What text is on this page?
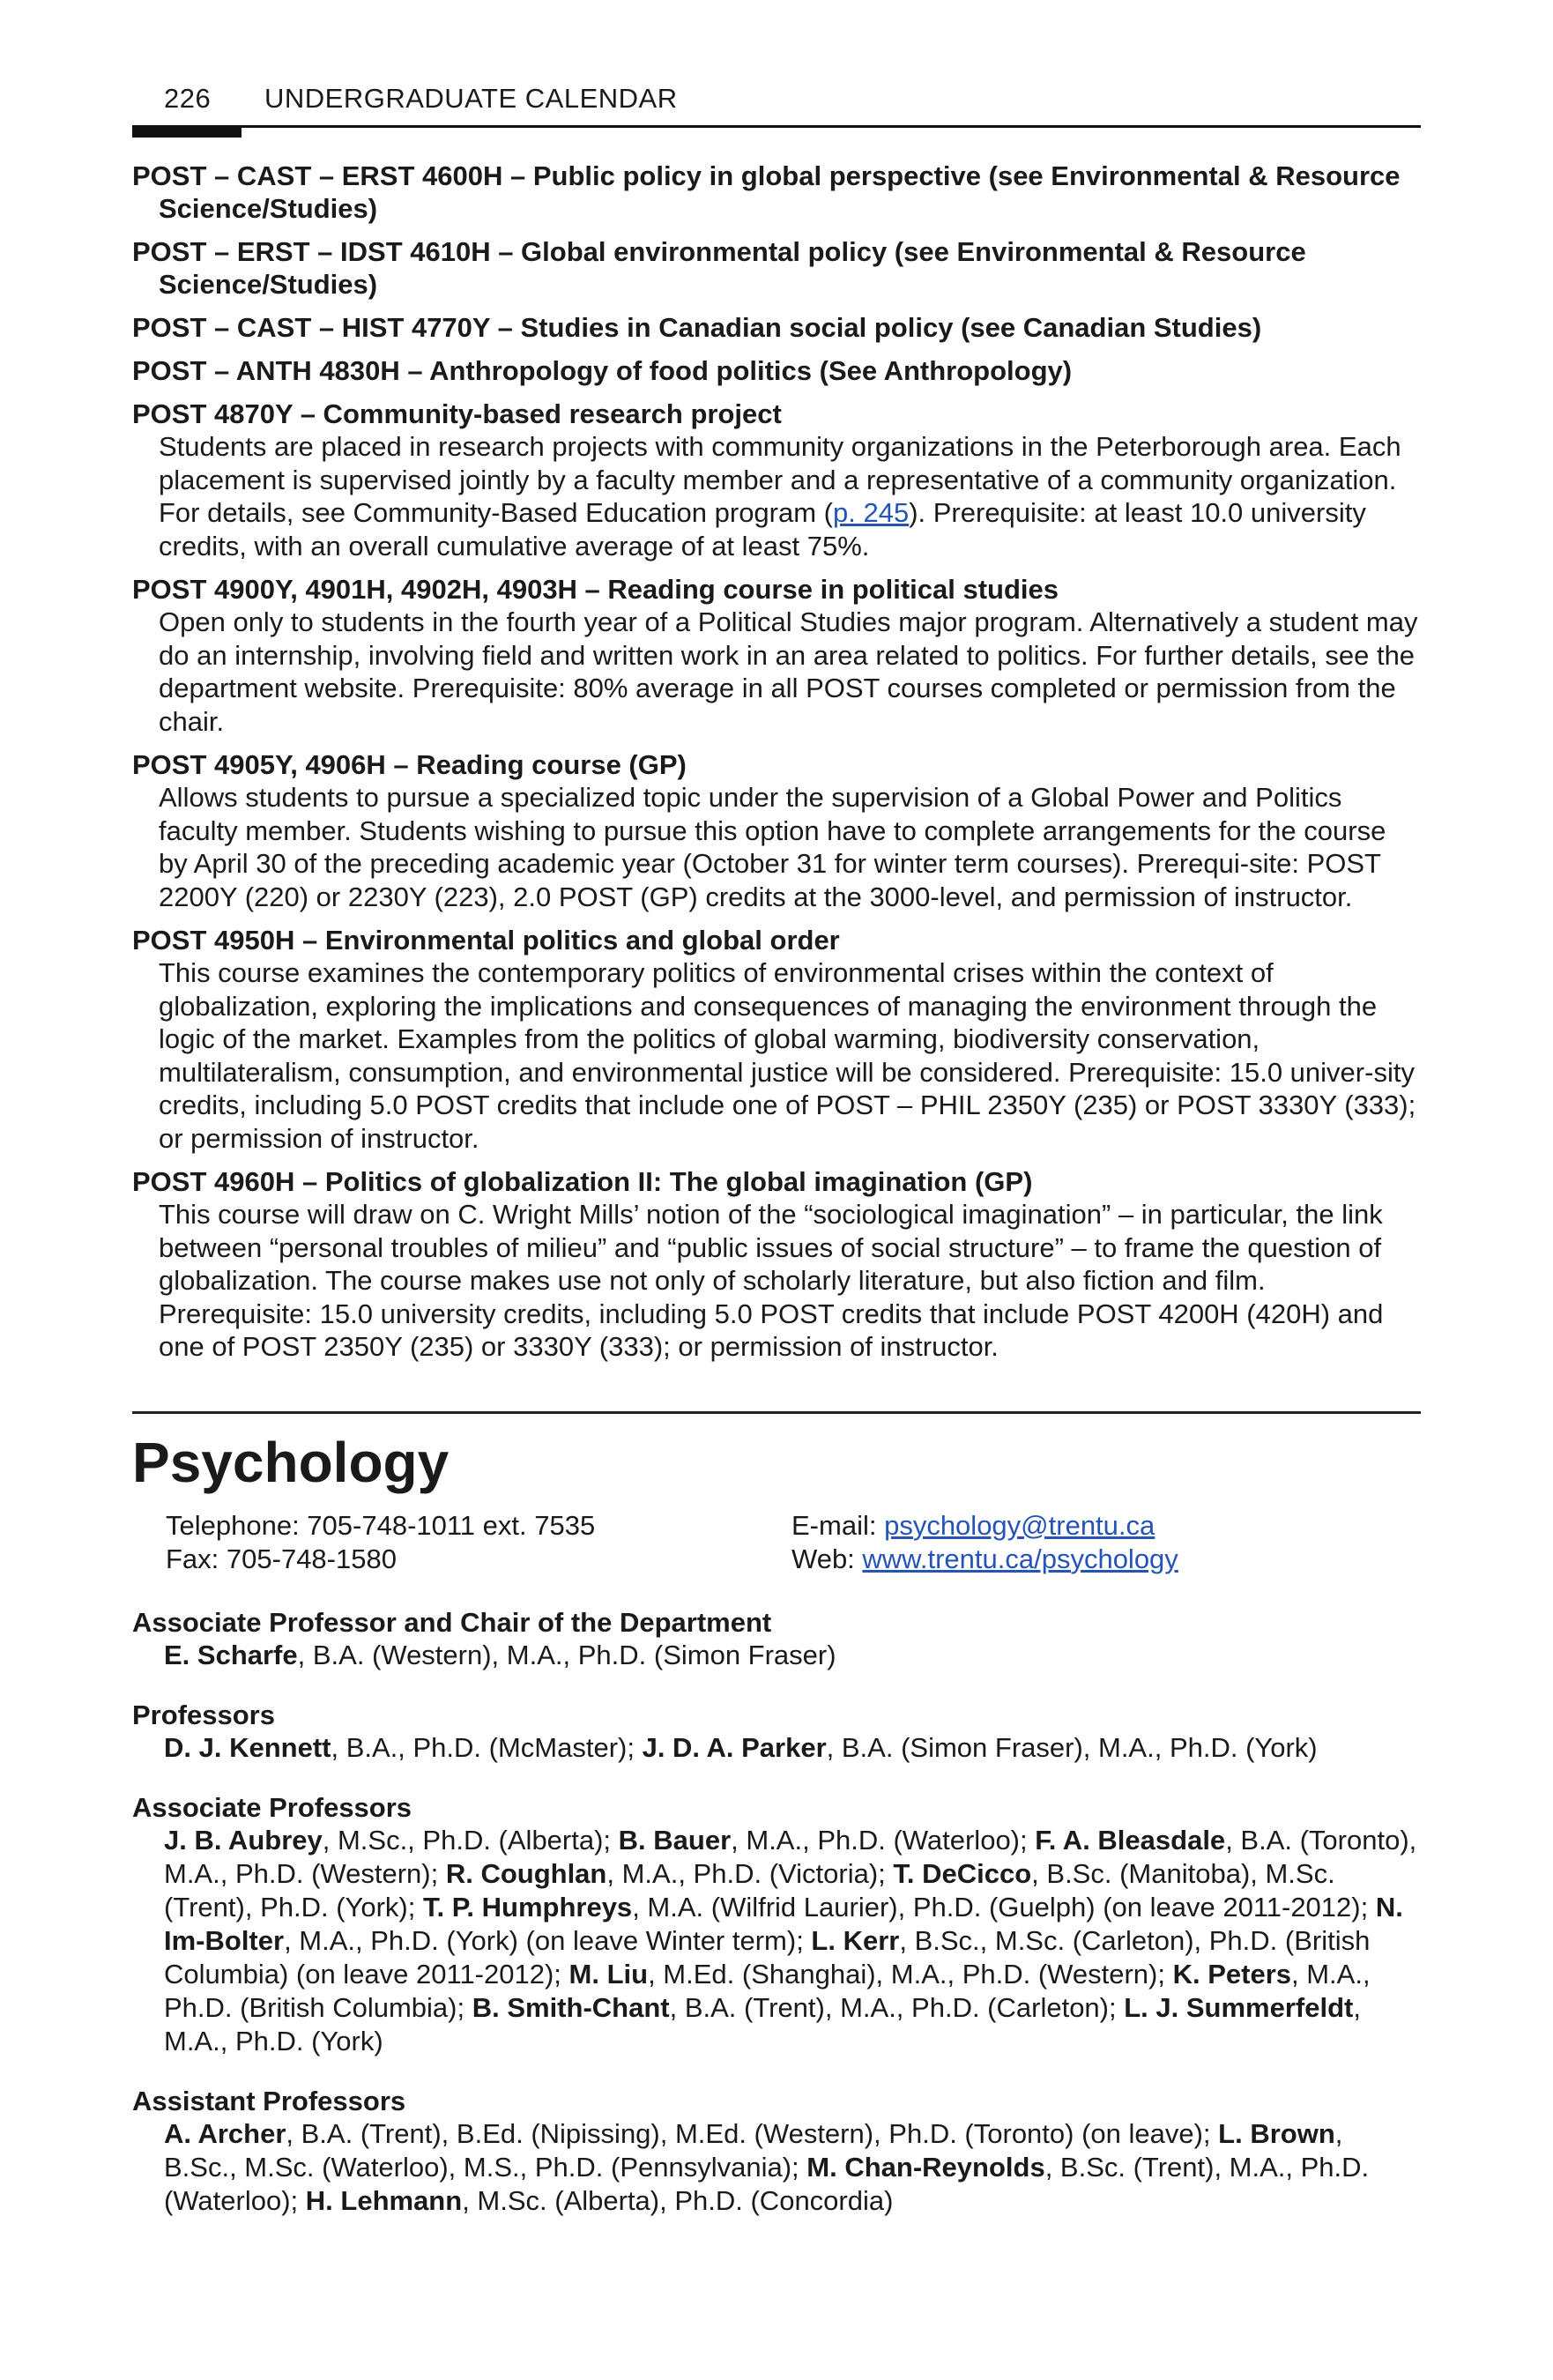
226 UNDERGRADUATE CALENDAR
POST – CAST – ERST 4600H – Public policy in global perspective (see Environmental & Resource Science/Studies)
POST – ERST – IDST 4610H – Global environmental policy (see Environmental & Resource Science/Studies)
POST – CAST – HIST 4770Y – Studies in Canadian social policy (see Canadian Studies)
POST – ANTH 4830H – Anthropology of food politics (See Anthropology)
POST 4870Y – Community-based research project
Students are placed in research projects with community organizations in the Peterborough area. Each placement is supervised jointly by a faculty member and a representative of a community organization. For details, see Community-Based Education program (p. 245). Prerequisite: at least 10.0 university credits, with an overall cumulative average of at least 75%.
POST 4900Y, 4901H, 4902H, 4903H – Reading course in political studies
Open only to students in the fourth year of a Political Studies major program. Alternatively a student may do an internship, involving field and written work in an area related to politics. For further details, see the department website. Prerequisite: 80% average in all POST courses completed or permission from the chair.
POST 4905Y, 4906H – Reading course (GP)
Allows students to pursue a specialized topic under the supervision of a Global Power and Politics faculty member. Students wishing to pursue this option have to complete arrangements for the course by April 30 of the preceding academic year (October 31 for winter term courses). Prerequi-site: POST 2200Y (220) or 2230Y (223), 2.0 POST (GP) credits at the 3000-level, and permission of instructor.
POST 4950H – Environmental politics and global order
This course examines the contemporary politics of environmental crises within the context of globalization, exploring the implications and consequences of managing the environment through the logic of the market. Examples from the politics of global warming, biodiversity conservation, multilateralism, consumption, and environmental justice will be considered. Prerequisite: 15.0 univer-sity credits, including 5.0 POST credits that include one of POST – PHIL 2350Y (235) or POST 3330Y (333); or permission of instructor.
POST 4960H – Politics of globalization II: The global imagination (GP)
This course will draw on C. Wright Mills’ notion of the “sociological imagination” – in particular, the link between “personal troubles of milieu” and “public issues of social structure” – to frame the question of globalization. The course makes use not only of scholarly literature, but also fiction and film. Prerequisite: 15.0 university credits, including 5.0 POST credits that include POST 4200H (420H) and one of POST 2350Y (235) or 3330Y (333); or permission of instructor.
Psychology
Telephone: 705-748-1011 ext. 7535
Fax: 705-748-1580
E-mail: psychology@trentu.ca
Web: www.trentu.ca/psychology
Associate Professor and Chair of the Department
E. Scharfe, B.A. (Western), M.A., Ph.D. (Simon Fraser)
Professors
D. J. Kennett, B.A., Ph.D. (McMaster); J. D. A. Parker, B.A. (Simon Fraser), M.A., Ph.D. (York)
Associate Professors
J. B. Aubrey, M.Sc., Ph.D. (Alberta); B. Bauer, M.A., Ph.D. (Waterloo); F. A. Bleasdale, B.A. (Toronto), M.A., Ph.D. (Western); R. Coughlan, M.A., Ph.D. (Victoria); T. DeCicco, B.Sc. (Manitoba), M.Sc. (Trent), Ph.D. (York); T. P. Humphreys, M.A. (Wilfrid Laurier), Ph.D. (Guelph) (on leave 2011-2012); N. Im-Bolter, M.A., Ph.D. (York) (on leave Winter term); L. Kerr, B.Sc., M.Sc. (Carleton), Ph.D. (British Columbia) (on leave 2011-2012); M. Liu, M.Ed. (Shanghai), M.A., Ph.D. (Western); K. Peters, M.A., Ph.D. (British Columbia); B. Smith-Chant, B.A. (Trent), M.A., Ph.D. (Carleton); L. J. Summerfeldt, M.A., Ph.D. (York)
Assistant Professors
A. Archer, B.A. (Trent), B.Ed. (Nipissing), M.Ed. (Western), Ph.D. (Toronto) (on leave); L. Brown, B.Sc., M.Sc. (Waterloo), M.S., Ph.D. (Pennsylvania); M. Chan-Reynolds, B.Sc. (Trent), M.A., Ph.D. (Waterloo); H. Lehmann, M.Sc. (Alberta), Ph.D. (Concordia)
